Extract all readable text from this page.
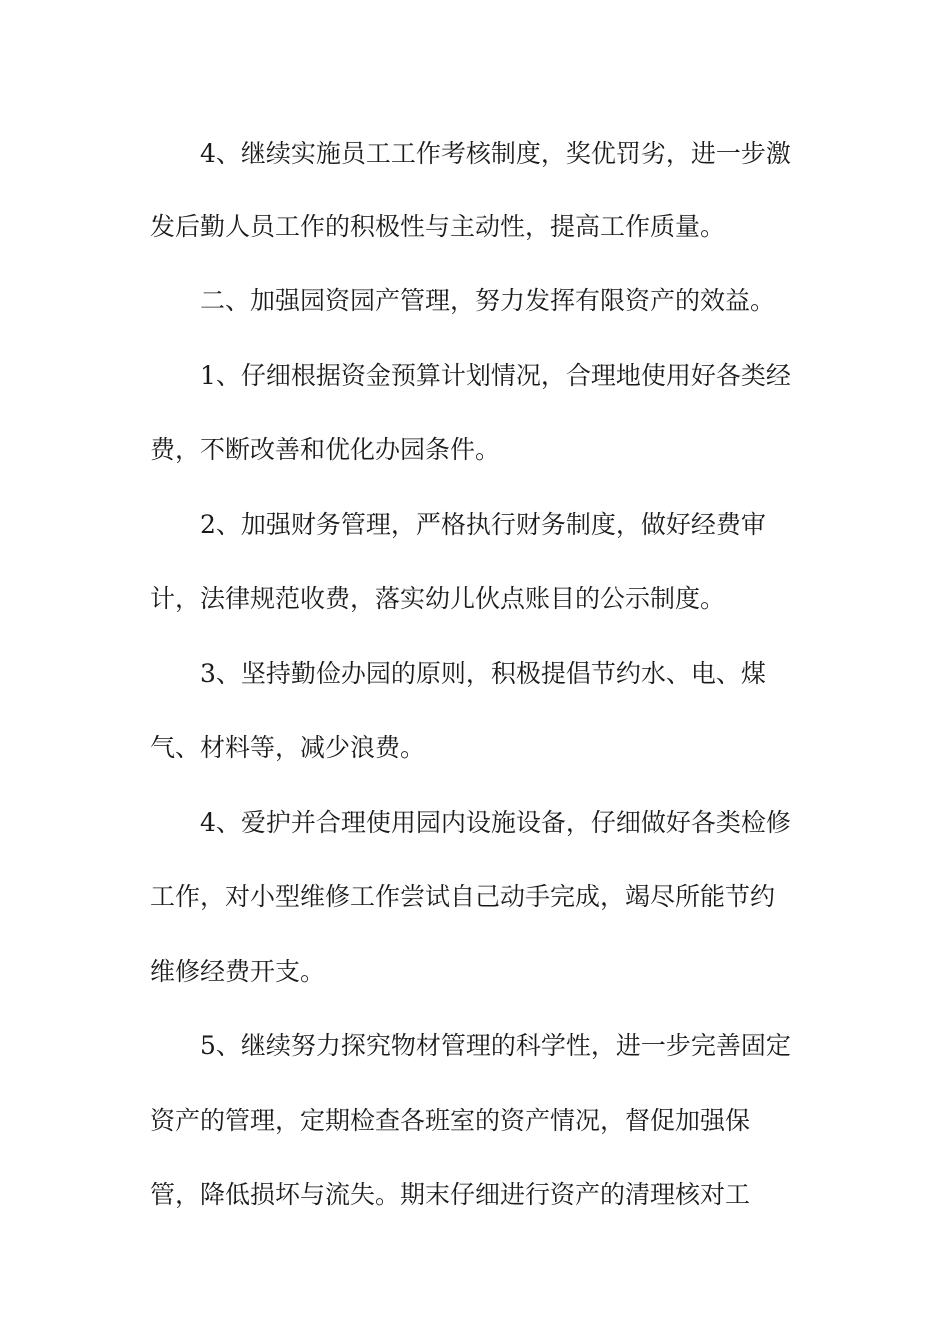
4、继续实施员工工作考核制度，奖优罚劣，进一步激
发后勤人员工作的积极性与主动性，提高工作质量。
二、加强园资园产管理，努力发挥有限资产的效益。
1、仔细根据资金预算计划情况，合理地使用好各类经
费，不断改善和优化办园条件。
2、加强财务管理，严格执行财务制度，做好经费审
计，法律规范收费，落实幼儿伙点账目的公示制度。
3、坚持勤俭办园的原则，积极提倡节约水、电、煤
气、材料等，减少浪费。
4、爱护并合理使用园内设施设备，仔细做好各类检修
工作，对小型维修工作尝试自己动手完成，竭尽所能节约
维修经费开支。
5、继续努力探究物材管理的科学性，进一步完善固定
资产的管理，定期检查各班室的资产情况，督促加强保
管，降低损坏与流失。期末仔细进行资产的清理核对工
